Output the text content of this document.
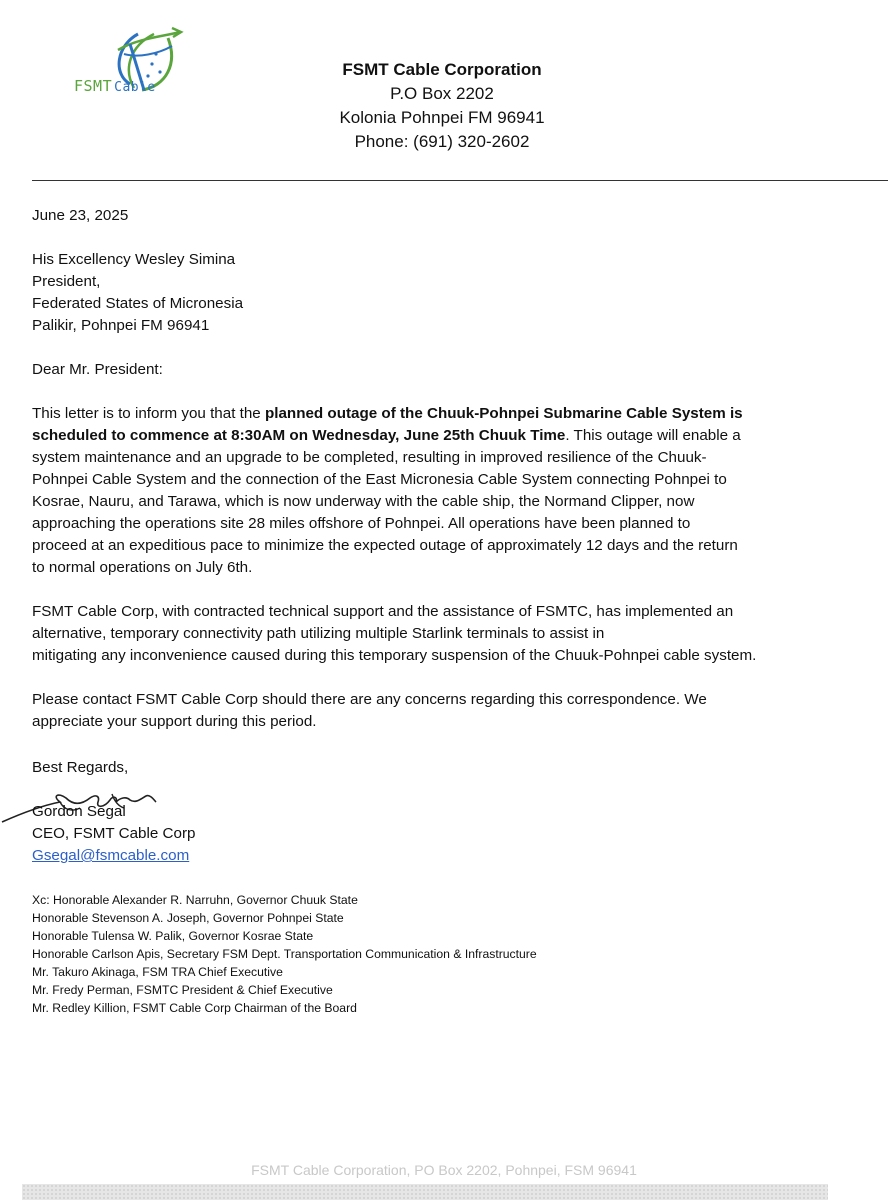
FSMT Cable
FSMT Cable Corporation
P.O Box 2202
Kolonia Pohnpei FM 96941
Phone: (691) 320-2602
June 23, 2025
His Excellency Wesley Simina
President,
Federated States of Micronesia
Palikir, Pohnpei FM 96941
Dear Mr. President:
This letter is to inform you that the planned outage of the Chuuk-Pohnpei Submarine Cable System is
scheduled to commence at 8:30AM on Wednesday, June 25th Chuuk Time. This outage will enable a
system maintenance and an upgrade to be completed, resulting in improved resilience of the Chuuk-
Pohnpei Cable System and the connection of the East Micronesia Cable System connecting Pohnpei to
Kosrae, Nauru, and Tarawa, which is now underway with the cable ship, the Normand Clipper, now
approaching the operations site 28 miles offshore of Pohnpei. All operations have been planned to
proceed at an expeditious pace to minimize the expected outage of approximately 12 days and the return
to normal operations on July 6th.
FSMT Cable Corp, with contracted technical support and the assistance of FSMTC, has implemented an
alternative, temporary connectivity path utilizing multiple Starlink terminals to assist in
mitigating any inconvenience caused during this temporary suspension of the Chuuk-Pohnpei cable system.
Please contact FSMT Cable Corp should there are any concerns regarding this correspondence. We
appreciate your support during this period.
Best Regards,
Gordon Segal
CEO, FSMT Cable Corp
Gsegal@fsmcable.com
Xc: Honorable Alexander R. Narruhn, Governor Chuuk State
Honorable Stevenson A. Joseph, Governor Pohnpei State
Honorable Tulensa W. Palik, Governor Kosrae State
Honorable Carlson Apis, Secretary FSM Dept. Transportation Communication & Infrastructure
Mr. Takuro Akinaga, FSM TRA Chief Executive
Mr. Fredy Perman, FSMTC President & Chief Executive
Mr. Redley Killion, FSMT Cable Corp Chairman of the Board
FSMT Cable Corporation, PO Box 2202, Pohnpei, FSM 96941
